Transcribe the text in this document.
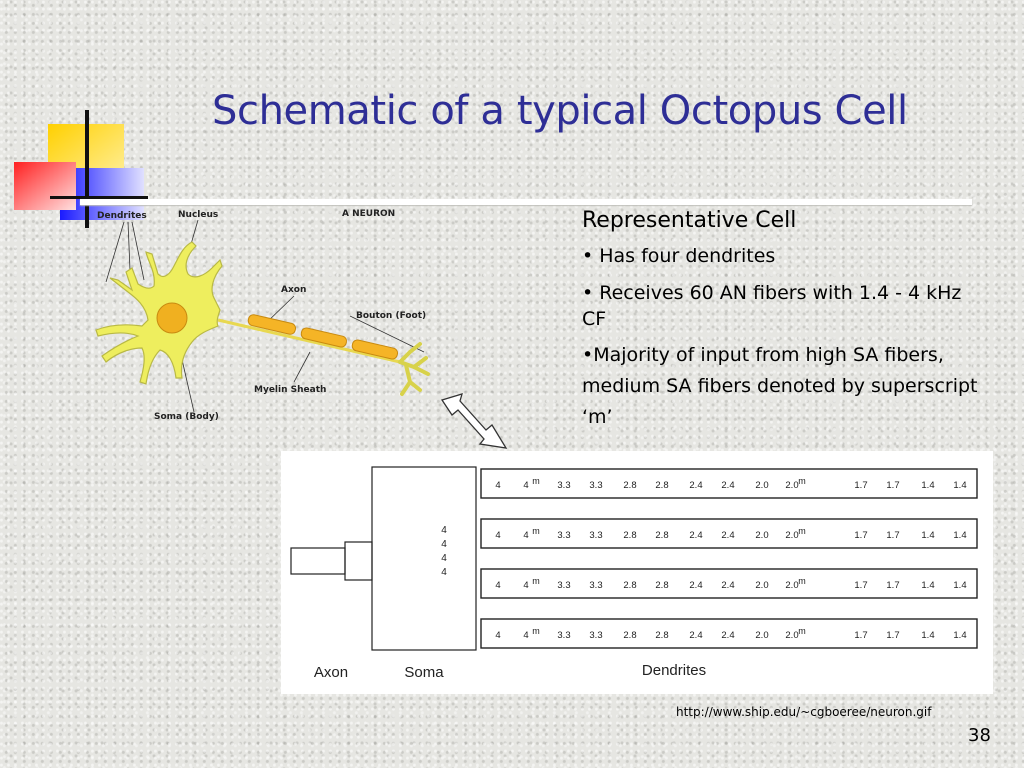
Schematic of a typical Octopus Cell
Dendrites	Nucleus	A NEURON
Axon
Bouton (Foot)
Myelin Sheath
Soma (Body)

Representative Cell

• Has four dendrites

• Receives 60 AN fibers with 1.4 - 4 kHz CF

•Majority of input from high SA fibers, medium SA fibers denoted by superscript ‘m’

4 4 m 3.3 3.3 2.8 2.8 2.4 2.4 2.0 2.0 m	1.7 1.7 1.4 1.4
4 4 m 3.3 3.3 2.8 2.8 2.4 2.4 2.0 2.0 m	1.7 1.7 1.4 1.4
4 4 m 3.3 3.3 2.8 2.8 2.4 2.4 2.0 2.0 m	1.7 1.7 1.4 1.4
4 4 m 3.3 3.3 2.8 2.8 2.4 2.4 2.0 2.0 m	1.7 1.7 1.4 1.4
4
4
4
4
Axon	Soma	Dendrites
http://www.ship.edu/~cgboeree/neuron.gif
38
